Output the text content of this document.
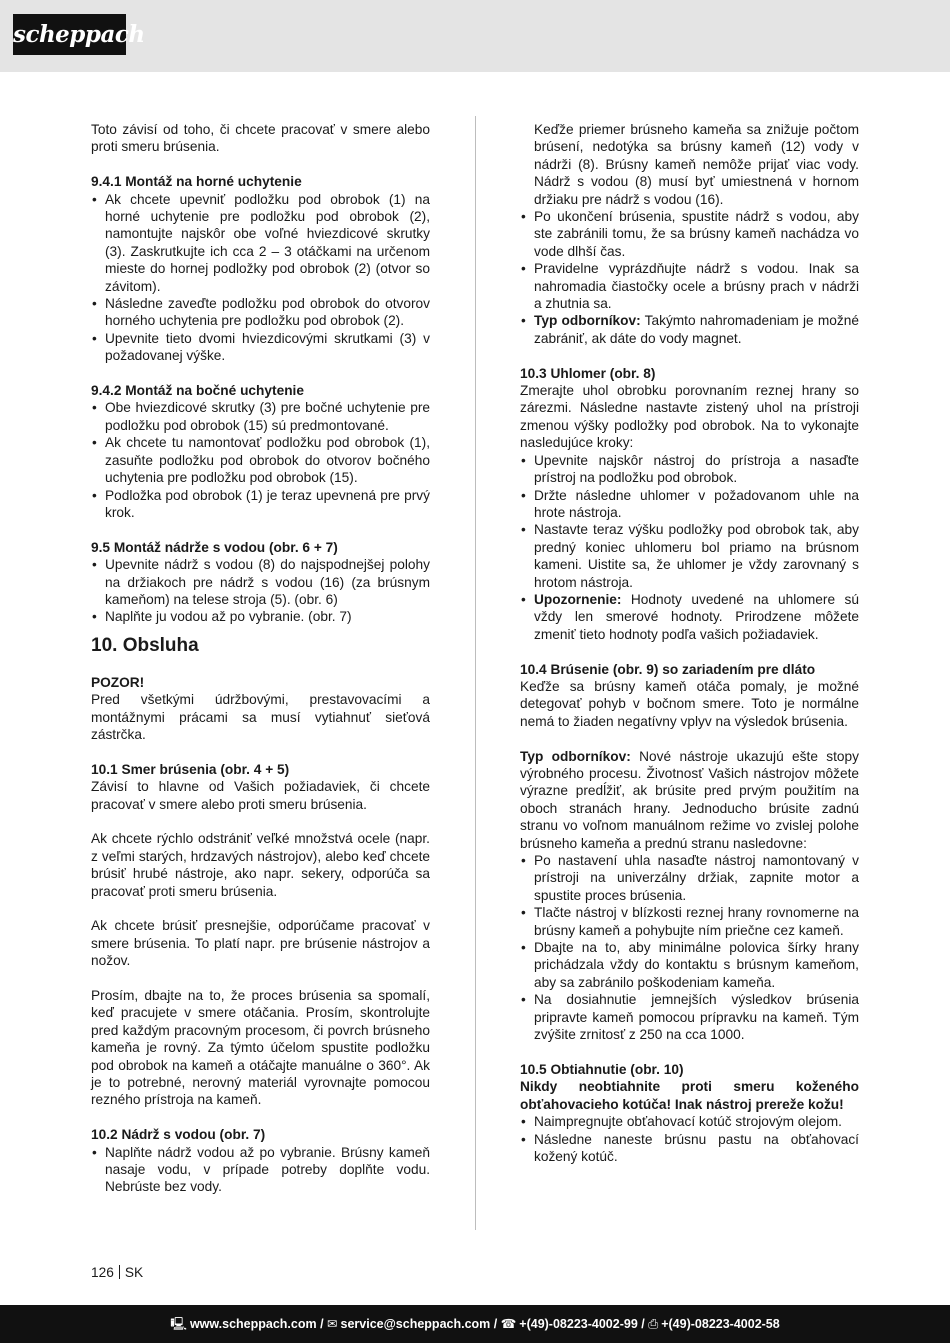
scheppach

Toto závisí od toho, či chcete pracovať v smere alebo proti smeru brúsenia.

9.4.1 Montáž na horné uchytenie
• Ak chcete upevniť podložku pod obrobok (1) na horné uchytenie pre podložku pod obrobok (2), namontujte najskôr obe voľné hviezdicové skrutky (3). Zaskrutkujte ich cca 2 – 3 otáčkami na určenom mieste do hornej podložky pod obrobok (2) (otvor so závitom).
• Následne zaveďte podložku pod obrobok do otvorov horného uchytenia pre podložku pod obrobok (2).
• Upevnite tieto dvomi hviezdicovými skrutkami (3) v požadovanej výške.
9.4.2 Montáž na bočné uchytenie
• Obe hviezdicové skrutky (3) pre bočné uchytenie pre podložku pod obrobok (15) sú predmontované.
• Ak chcete tu namontovať podložku pod obrobok (1), zasuňte podložku pod obrobok do otvorov bočného uchytenia pre podložku pod obrobok (15).
• Podložka pod obrobok (1) je teraz upevnená pre prvý krok.
9.5 Montáž nádrže s vodou (obr. 6 + 7)
• Upevnite nádrž s vodou (8) do najspodnejšej polohy na držiakoch pre nádrž s vodou (16) (za brúsnym kameňom) na telese stroja (5). (obr. 6)
• Naplňte ju vodou až po vybranie. (obr. 7)
10. Obsluha
POZOR!

Pred všetkými údržbovými, prestavovacími a montážnymi prácami sa musí vytiahnuť sieťová zástrčka.

10.1 Smer brúsenia (obr. 4 + 5)

Závisí to hlavne od Vašich požiadaviek, či chcete pracovať v smere alebo proti smeru brúsenia.

Ak chcete rýchlo odstrániť veľké množstvá ocele (napr. z veľmi starých, hrdzavých nástrojov), alebo keď chcete brúsiť hrubé nástroje, ako napr. sekery, odporúča sa pracovať proti smeru brúsenia.

Ak chcete brúsiť presnejšie, odporúčame pracovať v smere brúsenia. To platí napr. pre brúsenie nástrojov a nožov.

Prosím, dbajte na to, že proces brúsenia sa spomalí, keď pracujete v smere otáčania. Prosím, skontrolujte pred každým pracovným procesom, či povrch brúsneho kameňa je rovný. Za týmto účelom spustite podložku pod obrobok na kameň a otáčajte manuálne o 360°. Ak je to potrebné, nerovný materiál vyrovnajte pomocou rezného prístroja na kameň.

10.2 Nádrž s vodou (obr. 7)
• Naplňte nádrž vodou až po vybranie. Brúsny kameň nasaje vodu, v prípade potreby doplňte vodu. Nebrúste bez vody.

Keďže priemer brúsneho kameňa sa znižuje počtom brúsení, nedotýka sa brúsny kameň (12) vody v nádrži (8). Brúsny kameň nemôže prijať viac vody. Nádrž s vodou (8) musí byť umiestnená v hornom držiaku pre nádrž s vodou (16).

• Po ukončení brúsenia, spustite nádrž s vodou, aby ste zabránili tomu, že sa brúsny kameň nachádza vo vode dlhší čas.
• Pravidelne vyprázdňujte nádrž s vodou. Inak sa nahromadia čiastočky ocele a brúsny prach v nádrži a zhutnia sa.
• Typ odborníkov: Takýmto nahromadeniam je možné zabrániť, ak dáte do vody magnet.
10.3 Uhlomer (obr. 8)

Zmerajte uhol obrobku porovnaním reznej hrany so zárezmi. Následne nastavte zistený uhol na prístroji zmenou výšky podložky pod obrobok. Na to vykonajte nasledujúce kroky:

• Upevnite najskôr nástroj do prístroja a nasaďte prístroj na podložku pod obrobok.
• Držte následne uhlomer v požadovanom uhle na hrote nástroja.
• Nastavte teraz výšku podložky pod obrobok tak, aby predný koniec uhlomeru bol priamo na brúsnom kameni. Uistite sa, že uhlomer je vždy zarovnaný s hrotom nástroja.
• Upozornenie: Hodnoty uvedené na uhlomere sú vždy len smerové hodnoty. Prirodzene môžete zmeniť tieto hodnoty podľa vašich požiadaviek.
10.4 Brúsenie (obr. 9) so zariadením pre dláto

Keďže sa brúsny kameň otáča pomaly, je možné detegovať pohyb v bočnom smere. Toto je normálne nemá to žiaden negatívny vplyv na výsledok brúsenia.

Typ odborníkov: Nové nástroje ukazujú ešte stopy výrobného procesu. Životnosť Vašich nástrojov môžete výrazne predĺžiť, ak brúsite pred prvým použitím na oboch stranách hrany. Jednoducho brúsite zadnú stranu vo voľnom manuálnom režime vo zvislej polohe brúsneho kameňa a prednú stranu nasledovne:

• Po nastavení uhla nasaďte nástroj namontovaný v prístroji na univerzálny držiak, zapnite motor a spustite proces brúsenia.
• Tlačte nástroj v blízkosti reznej hrany rovnomerne na brúsny kameň a pohybujte ním priečne cez kameň.
• Dbajte na to, aby minimálne polovica šírky hrany prichádzala vždy do kontaktu s brúsnym kameňom, aby sa zabránilo poškodeniam kameňa.
• Na dosiahnutie jemnejších výsledkov brúsenia pripravte kameň pomocou prípravku na kameň. Tým zvýšite zrnitosť z 250 na cca 1000.
10.5 Obtiahnutie (obr. 10)

Nikdy neobtiahnite proti smeru koženého obťahovacieho kotúča! Inak nástroj prereže kožu!

• Naimpregnujte obťahovací kotúč strojovým olejom.
• Následne naneste brúsnu pastu na obťahovací kožený kotúč.
126 SK
🖳 www.scheppach.com / ✉ service@scheppach.com / ☎ +(49)-08223-4002-99 / ⎙ +(49)-08223-4002-58
